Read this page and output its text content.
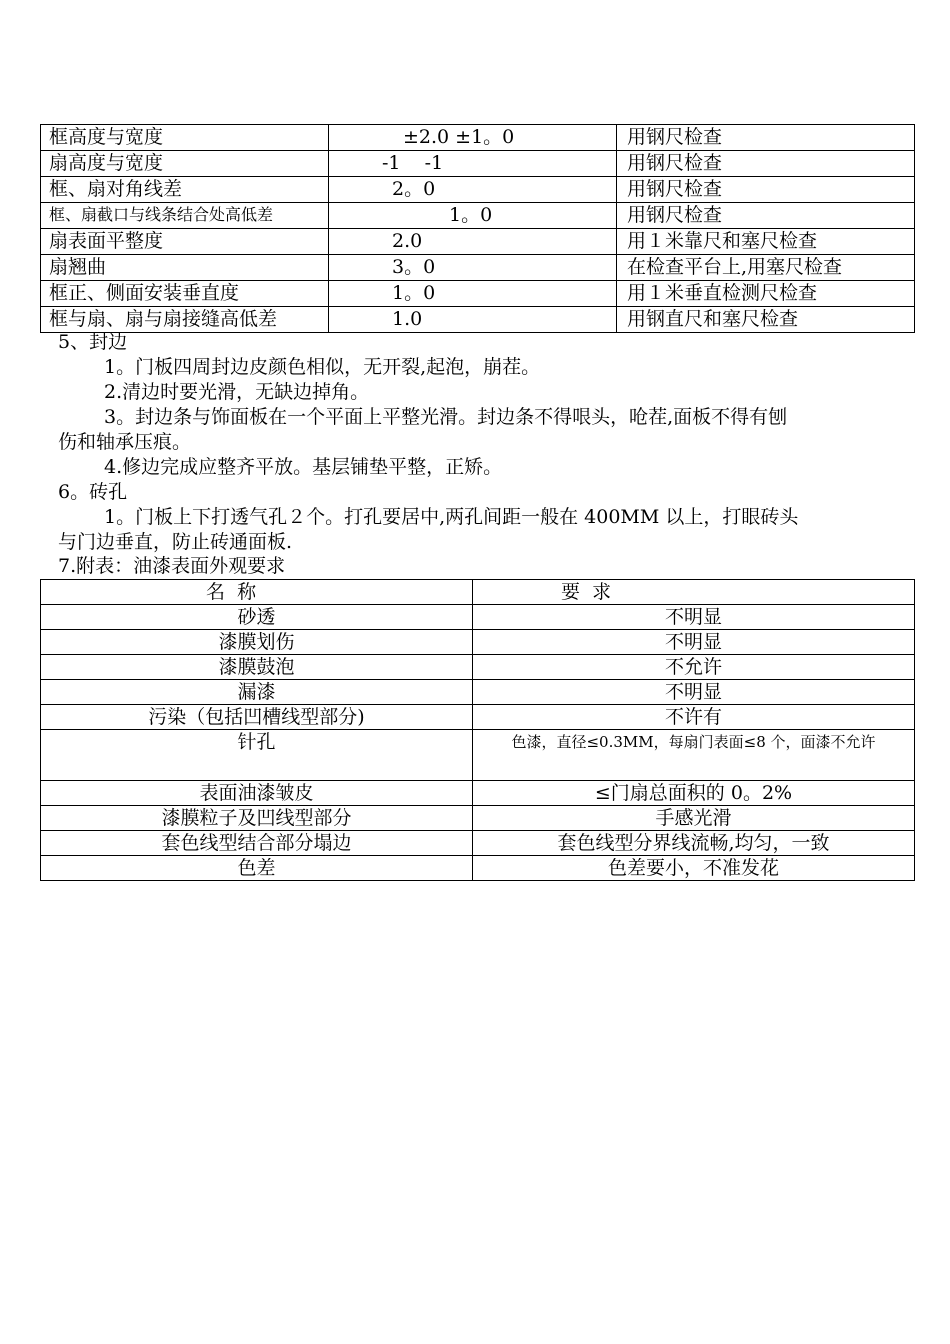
框高度与宽度	±2.0 ±1。0	用钢尺检查
扇高度与宽度	-1    -1	用钢尺检查
框、扇对角线差	2。0	用钢尺检查
框、扇截口与线条结合处高低差	1。0	用钢尺检查
扇表面平整度	2.0	用１米靠尺和塞尺检查
扇翘曲	3。0	在检查平台上,用塞尺检查
框正、侧面安装垂直度	1。0	用１米垂直检测尺检查
框与扇、扇与扇接缝高低差	1.0	用钢直尺和塞尺检查
5、封边
1。门板四周封边皮颜色相似，无开裂,起泡，崩茬。
2.清边时要光滑，无缺边掉角。
3。封边条与饰面板在一个平面上平整光滑。封边条不得哏头，呛茬,面板不得有刨
伤和轴承压痕。
4.修边完成应整齐平放。基层铺垫平整，正矫。
6。砖孔
1。门板上下打透气孔２个。打孔要居中,两孔间距一般在 400MM 以上，打眼砖头
与门边垂直，防止砖通面板.
7.附表：油漆表面外观要求
名  称	要  求
砂透	不明显
漆膜划伤	不明显
漆膜鼓泡	不允许
漏漆	不明显
污染（包括凹槽线型部分)	不许有
针孔	色漆，直径≤0.3MM，每扇门表面≤8 个，面漆不允许
表面油漆皱皮	≤门扇总面积的 0。2%
漆膜粒子及凹线型部分	手感光滑
套色线型结合部分塌边	套色线型分界线流畅,均匀，一致
色差	色差要小，不准发花
